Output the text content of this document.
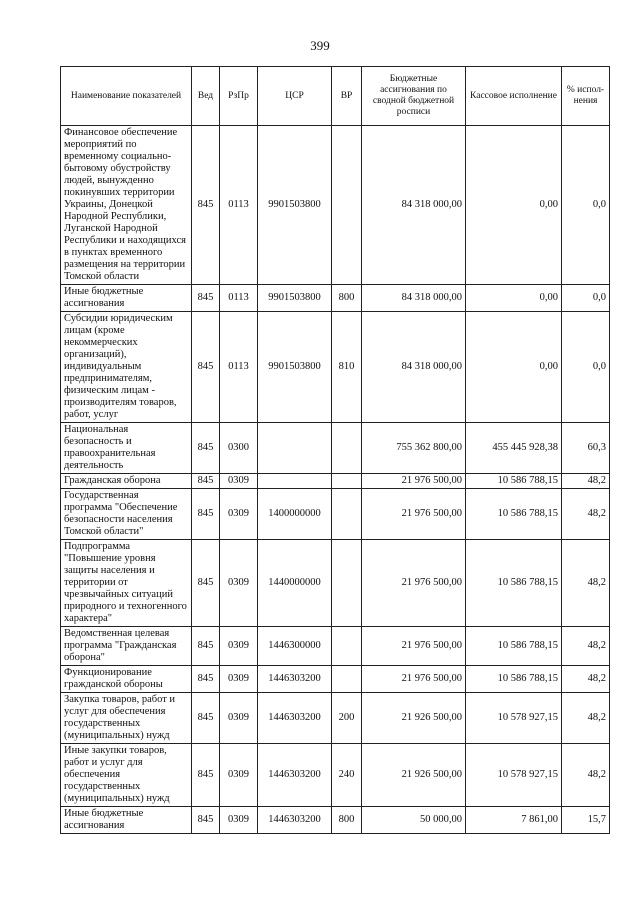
399
Наименование показателей	Вед	РзПр	ЦСР	ВР	Бюджетные ассигнования по сводной бюджетной росписи	Кассовое исполнение	% испол-нения
Финансовое обеспечение мероприятий по временному социально-бытовому обустройству людей, вынужденно покинувших территории Украины, Донецкой Народной Республики, Луганской Народной Республики и находящихся в пунктах временного размещения на территории Томской области	845	0113	9901503800		84 318 000,00	0,00	0,0
Иные бюджетные ассигнования	845	0113	9901503800	800	84 318 000,00	0,00	0,0
Субсидии юридическим лицам (кроме некоммерческих организаций), индивидуальным предпринимателям, физическим лицам - производителям товаров, работ, услуг	845	0113	9901503800	810	84 318 000,00	0,00	0,0
Национальная безопасность и правоохранительная деятельность	845	0300			755 362 800,00	455 445 928,38	60,3
Гражданская оборона	845	0309			21 976 500,00	10 586 788,15	48,2
Государственная программа "Обеспечение безопасности населения Томской области"	845	0309	1400000000		21 976 500,00	10 586 788,15	48,2
Подпрограмма "Повышение уровня защиты населения и территории от чрезвычайных ситуаций природного и техногенного характера"	845	0309	1440000000		21 976 500,00	10 586 788,15	48,2
Ведомственная целевая программа "Гражданская оборона"	845	0309	1446300000		21 976 500,00	10 586 788,15	48,2
Функционирование гражданской обороны	845	0309	1446303200		21 976 500,00	10 586 788,15	48,2
Закупка товаров, работ и услуг для обеспечения государственных (муниципальных) нужд	845	0309	1446303200	200	21 926 500,00	10 578 927,15	48,2
Иные закупки товаров, работ и услуг для обеспечения государственных (муниципальных) нужд	845	0309	1446303200	240	21 926 500,00	10 578 927,15	48,2
Иные бюджетные ассигнования	845	0309	1446303200	800	50 000,00	7 861,00	15,7
